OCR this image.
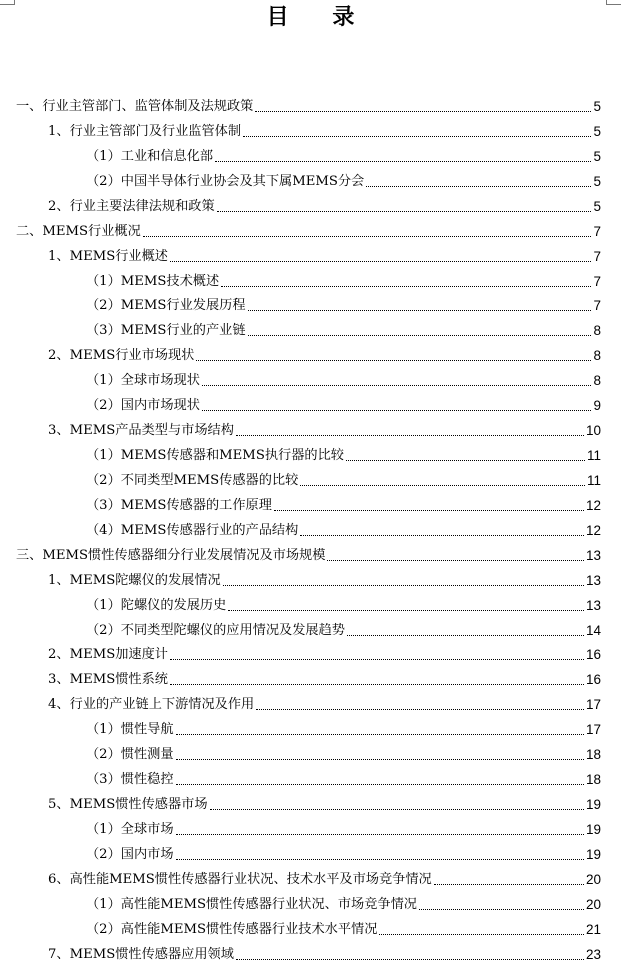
目 录
一、行业主管部门、监管体制及法规政策	5
1、行业主管部门及行业监管体制	5
（1）工业和信息化部	5
（2）中国半导体行业协会及其下属MEMS分会	5
2、行业主要法律法规和政策	5
二、MEMS行业概况	7
1、MEMS行业概述	7
（1）MEMS技术概述	7
（2）MEMS行业发展历程	7
（3）MEMS行业的产业链	8
2、MEMS行业市场现状	8
（1）全球市场现状	8
（2）国内市场现状	9
3、MEMS产品类型与市场结构	10
（1）MEMS传感器和MEMS执行器的比较	11
（2）不同类型MEMS传感器的比较	11
（3）MEMS传感器的工作原理	12
（4）MEMS传感器行业的产品结构	12
三、MEMS惯性传感器细分行业发展情况及市场规模	13
1、MEMS陀螺仪的发展情况	13
（1）陀螺仪的发展历史	13
（2）不同类型陀螺仪的应用情况及发展趋势	14
2、MEMS加速度计	16
3、MEMS惯性系统	16
4、行业的产业链上下游情况及作用	17
（1）惯性导航	17
（2）惯性测量	18
（3）惯性稳控	18
5、MEMS惯性传感器市场	19
（1）全球市场	19
（2）国内市场	19
6、高性能MEMS惯性传感器行业状况、技术水平及市场竞争情况	20
（1）高性能MEMS惯性传感器行业状况、市场竞争情况	20
（2）高性能MEMS惯性传感器行业技术水平情况	21
7、MEMS惯性传感器应用领域	23
